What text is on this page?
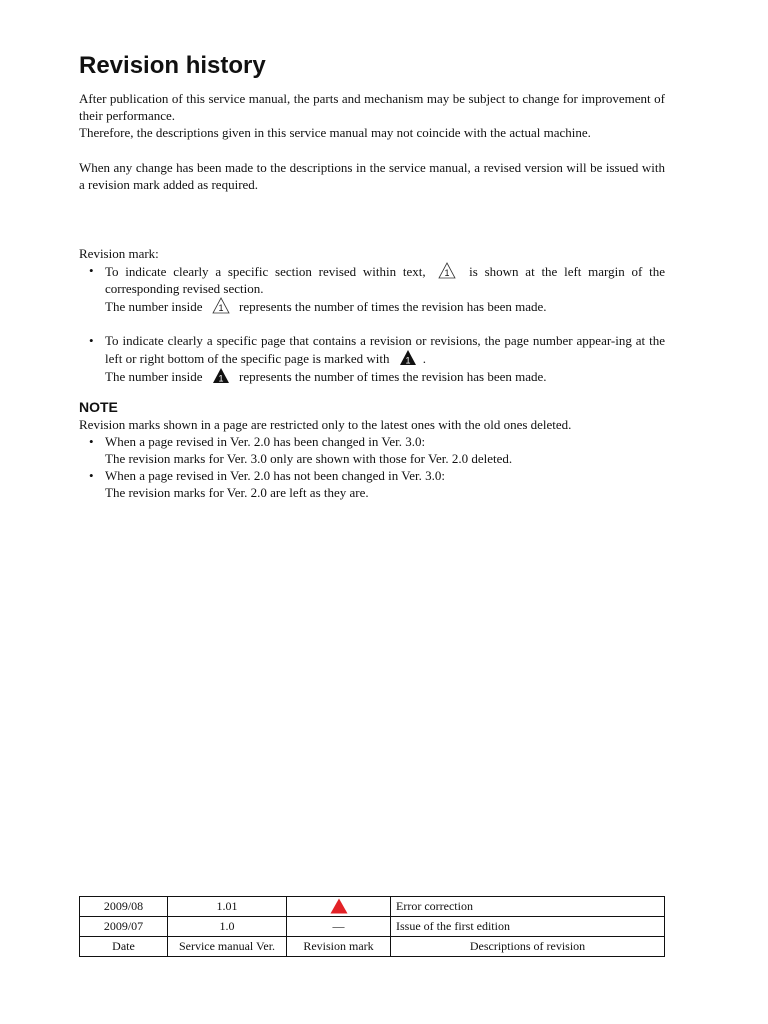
Revision history

After publication of this service manual, the parts and mechanism may be subject to change for improvement of their performance.

Therefore, the descriptions given in this service manual may not coincide with the actual machine.

When any change has been made to the descriptions in the service manual, a revised version will be issued with a revision mark added as required.

Revision mark:

• To indicate clearly a specific section revised within text, 1 is shown at the left margin of the corresponding revised section.
The number inside 1 represents the number of times the revision has been made.
• To indicate clearly a specific page that contains a revision or revisions, the page number appear-ing at the left or right bottom of the specific page is marked with 1 .
The number inside 1 represents the number of times the revision has been made.

NOTE

Revision marks shown in a page are restricted only to the latest ones with the old ones deleted.

• When a page revised in Ver. 2.0 has been changed in Ver. 3.0:
The revision marks for Ver. 3.0 only are shown with those for Ver. 2.0 deleted.
• When a page revised in Ver. 2.0 has not been changed in Ver. 3.0:
The revision marks for Ver. 2.0 are left as they are.
2009/08	1.01		Error correction
2009/07	1.0	—	Issue of the first edition
Date	Service manual Ver.	Revision mark	Descriptions of revision
